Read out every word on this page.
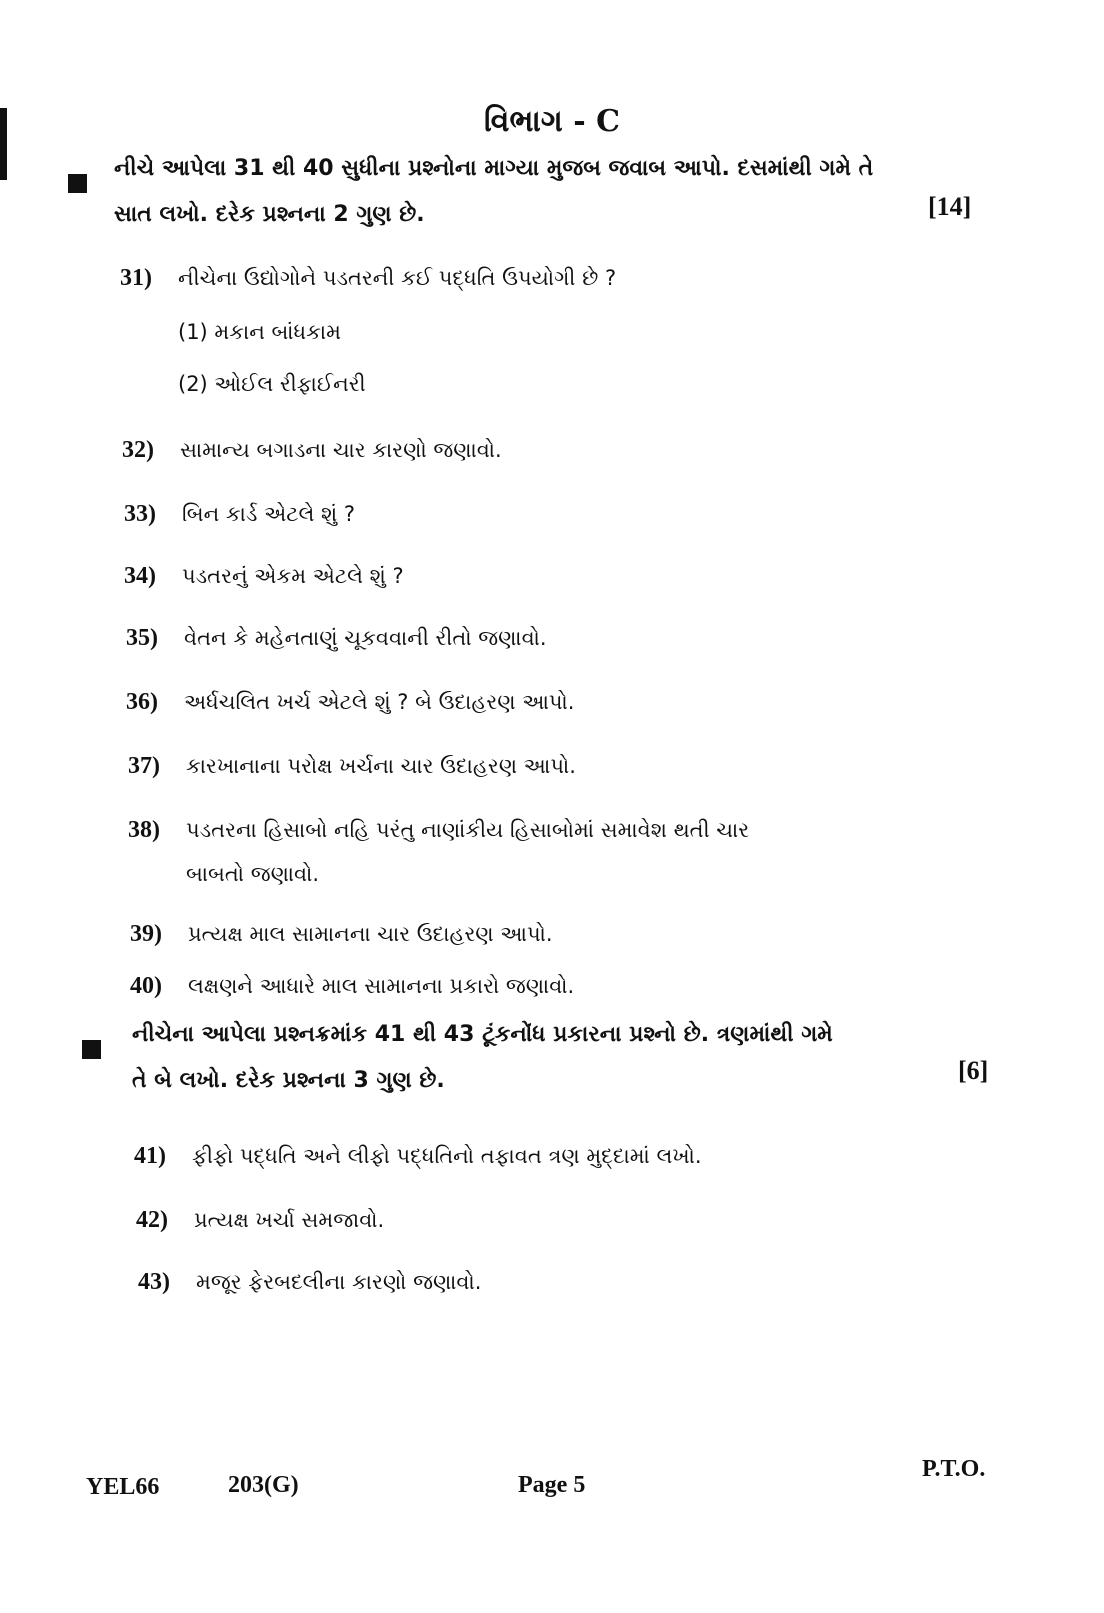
વિભાગ - C
નીચે આપેલા 31 થી 40 સુધીના પ્રશ્નોના માગ્યા મુજબ જવાબ આપો. દસમાંથી ગમે તે
સાત લખો. દરેક પ્રશ્નના 2 ગુણ છે.	[14]
31)	નીચેના ઉદ્યોગોને પડતરની કઈ પદ્ધતિ ઉપયોગી છે ?
(1) મકાન બાંધકામ
(2) ઓઈલ રીફાઈનરી
32)	સામાન્ય બગાડના ચાર કારણો જણાવો.
33)	બિન કાર્ડ એટલે શું ?
34)	પડતરનું એકમ એટલે શું ?
35)	વેતન કે મહેનતાણું ચૂકવવાની રીતો જણાવો.
36)	અર્ધચલિત ખર્ચ એટલે શું ? બે ઉદાહરણ આપો.
37)	કારખાનાના પરોક્ષ ખર્ચના ચાર ઉદાહરણ આપો.
38)	પડતરના હિસાબો નહિ પરંતુ નાણાંકીય હિસાબોમાં સમાવેશ થતી ચાર
બાબતો જણાવો.
39)	પ્રત્યક્ષ માલ સામાનના ચાર ઉદાહરણ આપો.
40)	લક્ષણને આધારે માલ સામાનના પ્રકારો જણાવો.
નીચેના આપેલા પ્રશ્નક્રમાંક 41 થી 43 ટૂંકનોંધ પ્રકારના પ્રશ્નો છે. ત્રણમાંથી ગમે
તે બે લખો. દરેક પ્રશ્નના 3 ગુણ છે.	[6]
41)	ફીફો પદ્ધતિ અને લીફો પદ્ધતિનો તફાવત ત્રણ મુદ્દામાં લખો.
42)	પ્રત્યક્ષ ખર્ચા સમજાવો.
43)	મજૂર ફેરબદલીના કારણો જણાવો.
YEL66	203(G)	Page 5
P.T.O.
